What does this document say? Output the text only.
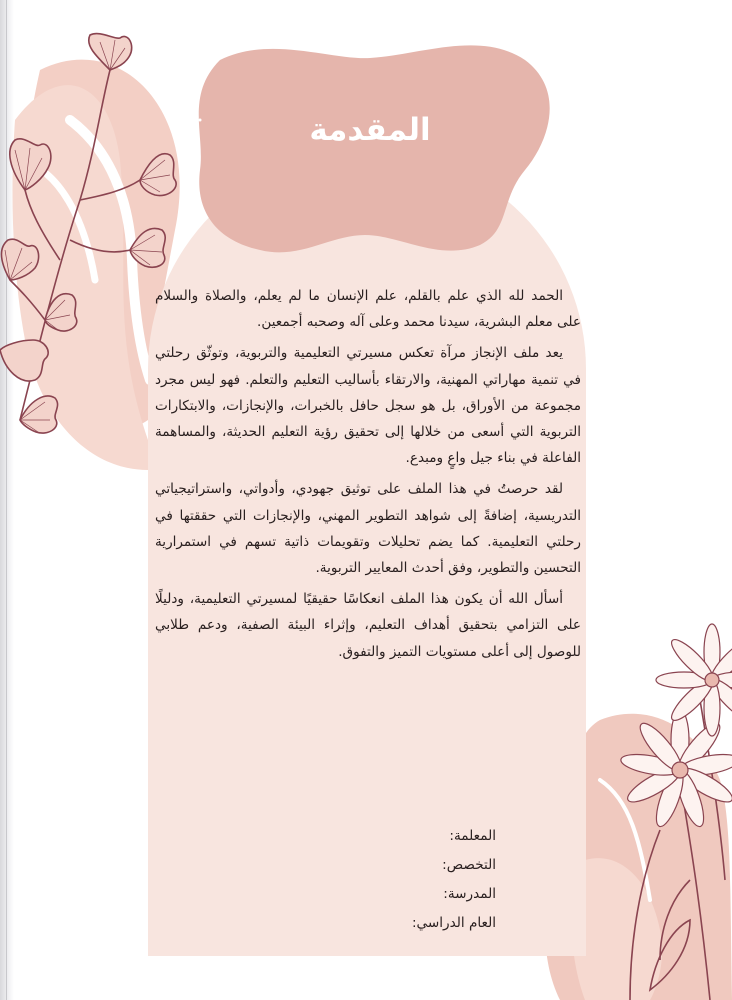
المقدمة

الحمد لله الذي علم بالقلم، علم الإنسان ما لم يعلم، والصلاة والسلام على معلم البشرية، سيدنا محمد وعلى آله وصحبه أجمعين.

يعد ملف الإنجاز مرآة تعكس مسيرتي التعليمية والتربوية، وتوثّق رحلتي في تنمية مهاراتي المهنية، والارتقاء بأساليب التعليم والتعلم. فهو ليس مجرد مجموعة من الأوراق، بل هو سجل حافل بالخبرات، والإنجازات، والابتكارات التربوية التي أسعى من خلالها إلى تحقيق رؤية التعليم الحديثة، والمساهمة الفاعلة في بناء جيل واعٍ ومبدع.

لقد حرصتُ في هذا الملف على توثيق جهودي، وأدواتي، واستراتيجياتي التدريسية، إضافةً إلى شواهد التطوير المهني، والإنجازات التي حققتها في رحلتي التعليمية. كما يضم تحليلات وتقويمات ذاتية تسهم في استمرارية التحسين والتطوير، وفق أحدث المعايير التربوية.

أسأل الله أن يكون هذا الملف انعكاسًا حقيقيًا لمسيرتي التعليمية، ودليلًا على التزامي بتحقيق أهداف التعليم، وإثراء البيئة الصفية، ودعم طلابي للوصول إلى أعلى مستويات التميز والتفوق.

المعلمة:
التخصص:
المدرسة:
العام الدراسي:
